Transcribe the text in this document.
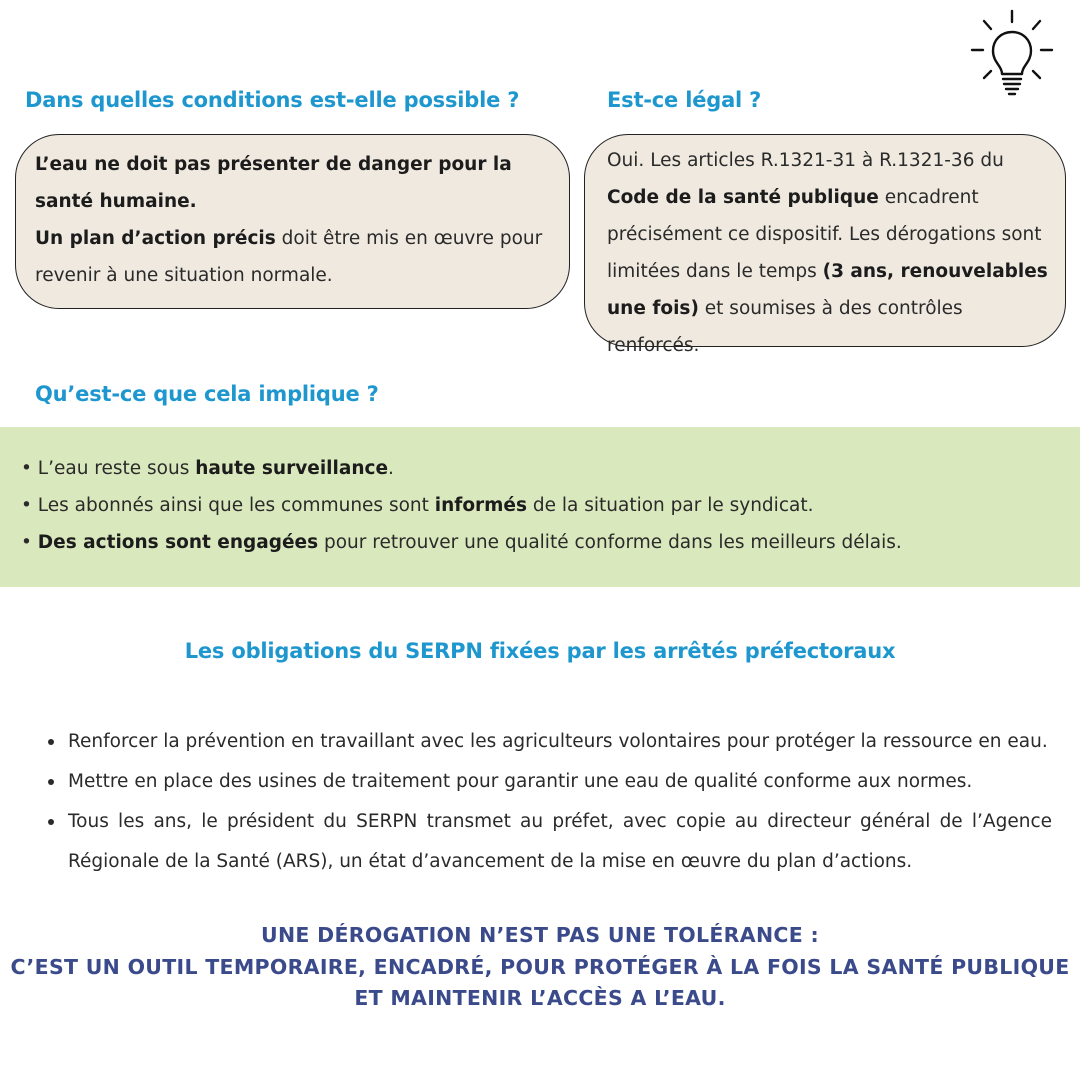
Dans quelles conditions est-elle possible ?

L’eau ne doit pas présenter de danger pour la santé humaine.

Un plan d’action précis doit être mis en œuvre pour revenir à une situation normale.

Est-ce légal ?

Oui. Les articles R.1321-31 à R.1321-36 du Code de la santé publique encadrent précisément ce dispositif. Les dérogations sont limitées dans le temps (3 ans, renouvelables une fois) et soumises à des contrôles renforcés.

Qu’est-ce que cela implique ?
• L’eau reste sous haute surveillance.
• Les abonnés ainsi que les communes sont informés de la situation par le syndicat.
• Des actions sont engagées pour retrouver une qualité conforme dans les meilleurs délais.
Les obligations du SERPN fixées par les arrêtés préfectoraux
Renforcer la prévention en travaillant avec les agriculteurs volontaires pour protéger la ressource en eau.
Mettre en place des usines de traitement pour garantir une eau de qualité conforme aux normes.
Tous les ans, le président du SERPN transmet au préfet, avec copie au directeur général de l’Agence Régionale de la Santé (ARS), un état d’avancement de la mise en œuvre du plan d’actions.
UNE DÉROGATION N’EST PAS UNE TOLÉRANCE :
C’EST UN OUTIL TEMPORAIRE, ENCADRÉ, POUR PROTÉGER À LA FOIS LA SANTÉ PUBLIQUE
ET MAINTENIR L’ACCÈS A L’EAU.
